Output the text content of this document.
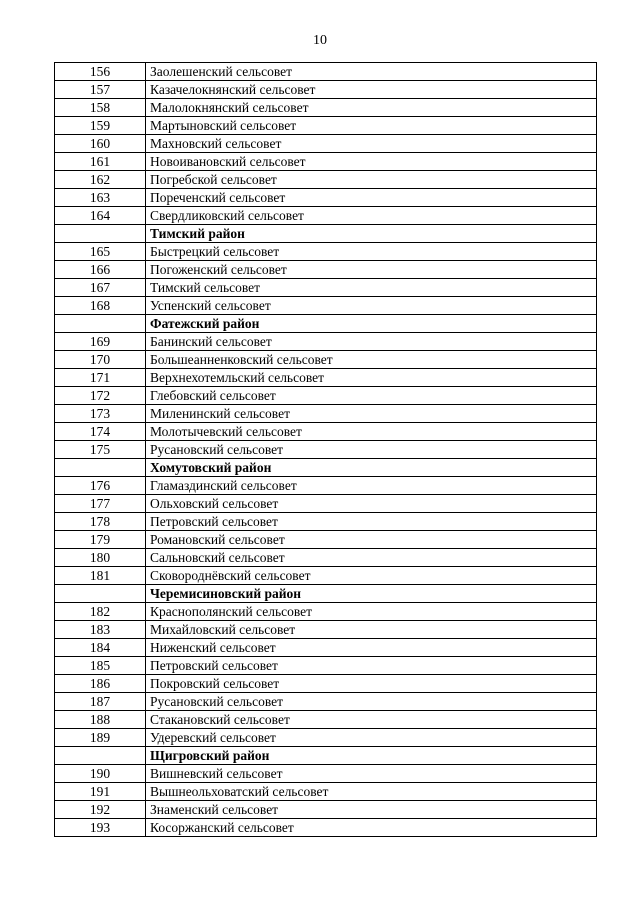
10
156	Заолешенский сельсовет
157	Казачелокнянский сельсовет
158	Малолокнянский сельсовет
159	Мартыновский сельсовет
160	Махновский сельсовет
161	Новоивановский сельсовет
162	Погребской сельсовет
163	Пореченский сельсовет
164	Свердликовский сельсовет
	Тимский район
165	Быстрецкий сельсовет
166	Погоженский сельсовет
167	Тимский сельсовет
168	Успенский сельсовет
	Фатежский район
169	Банинский сельсовет
170	Большеанненковский сельсовет
171	Верхнехотемльский сельсовет
172	Глебовский сельсовет
173	Миленинский сельсовет
174	Молотычевский сельсовет
175	Русановский сельсовет
	Хомутовский район
176	Гламаздинский сельсовет
177	Ольховский сельсовет
178	Петровский сельсовет
179	Романовский сельсовет
180	Сальновский сельсовет
181	Сковороднёвский сельсовет
	Черемисиновский район
182	Краснополянский сельсовет
183	Михайловский сельсовет
184	Ниженский сельсовет
185	Петровский сельсовет
186	Покровский сельсовет
187	Русановский сельсовет
188	Стакановский сельсовет
189	Удеревский сельсовет
	Щигровский район
190	Вишневский сельсовет
191	Вышнеольховатский сельсовет
192	Знаменский сельсовет
193	Косоржанский сельсовет
